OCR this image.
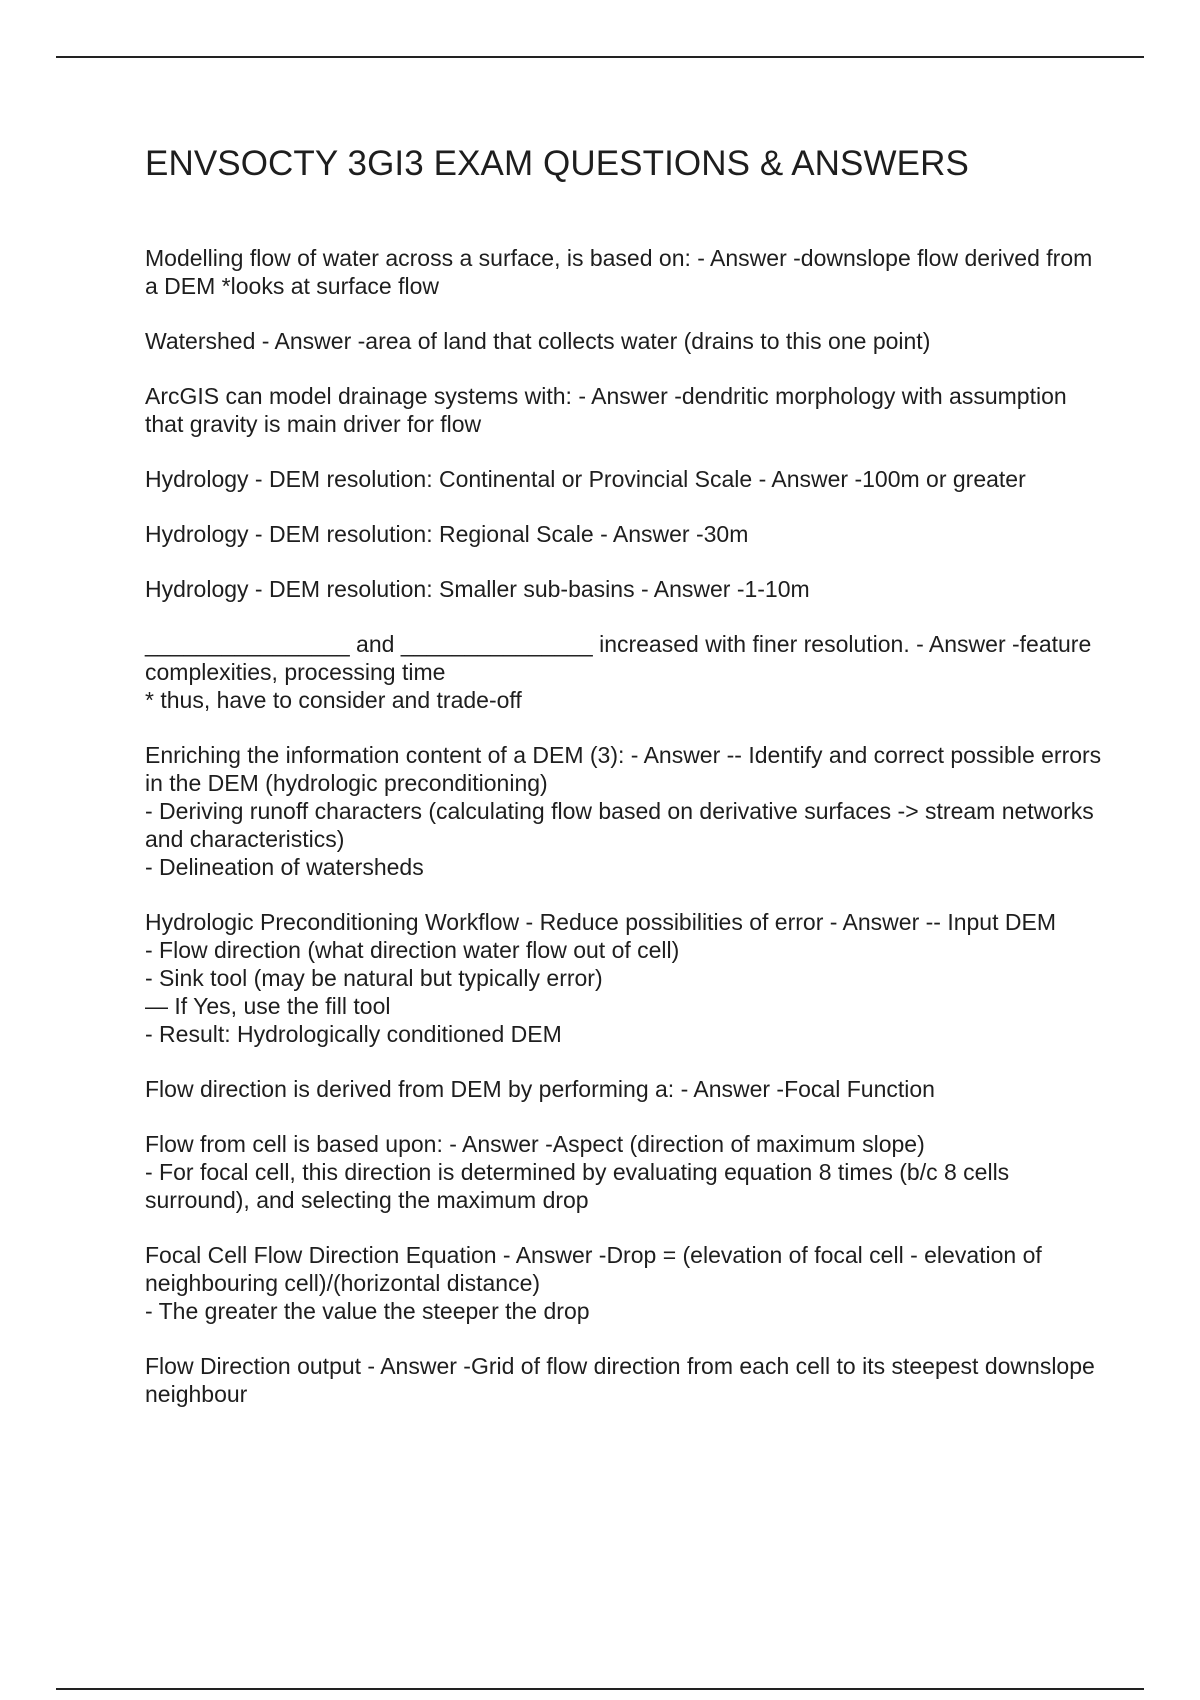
ENVSOCTY 3GI3 EXAM QUESTIONS & ANSWERS

Modelling flow of water across a surface, is based on: - Answer -downslope flow derived from a DEM *looks at surface flow

Watershed - Answer -area of land that collects water (drains to this one point)

ArcGIS can model drainage systems with: - Answer -dendritic morphology with assumption that gravity is main driver for flow

Hydrology - DEM resolution: Continental or Provincial Scale - Answer -100m or greater

Hydrology - DEM resolution: Regional Scale - Answer -30m

Hydrology - DEM resolution: Smaller sub-basins - Answer -1-10m

________________ and _______________ increased with finer resolution. - Answer -feature complexities, processing time

* thus, have to consider and trade-off

Enriching the information content of a DEM (3): - Answer -- Identify and correct possible errors in the DEM (hydrologic preconditioning)

- Deriving runoff characters (calculating flow based on derivative surfaces -> stream networks and characteristics)

- Delineation of watersheds

Hydrologic Preconditioning Workflow - Reduce possibilities of error - Answer -- Input DEM

- Flow direction (what direction water flow out of cell)

- Sink tool (may be natural but typically error)

— If Yes, use the fill tool

- Result: Hydrologically conditioned DEM

Flow direction is derived from DEM by performing a: - Answer -Focal Function

Flow from cell is based upon: - Answer -Aspect (direction of maximum slope)

- For focal cell, this direction is determined by evaluating equation 8 times (b/c 8 cells surround), and selecting the maximum drop

Focal Cell Flow Direction Equation - Answer -Drop = (elevation of focal cell - elevation of neighbouring cell)/(horizontal distance)

- The greater the value the steeper the drop

Flow Direction output - Answer -Grid of flow direction from each cell to its steepest downslope neighbour
